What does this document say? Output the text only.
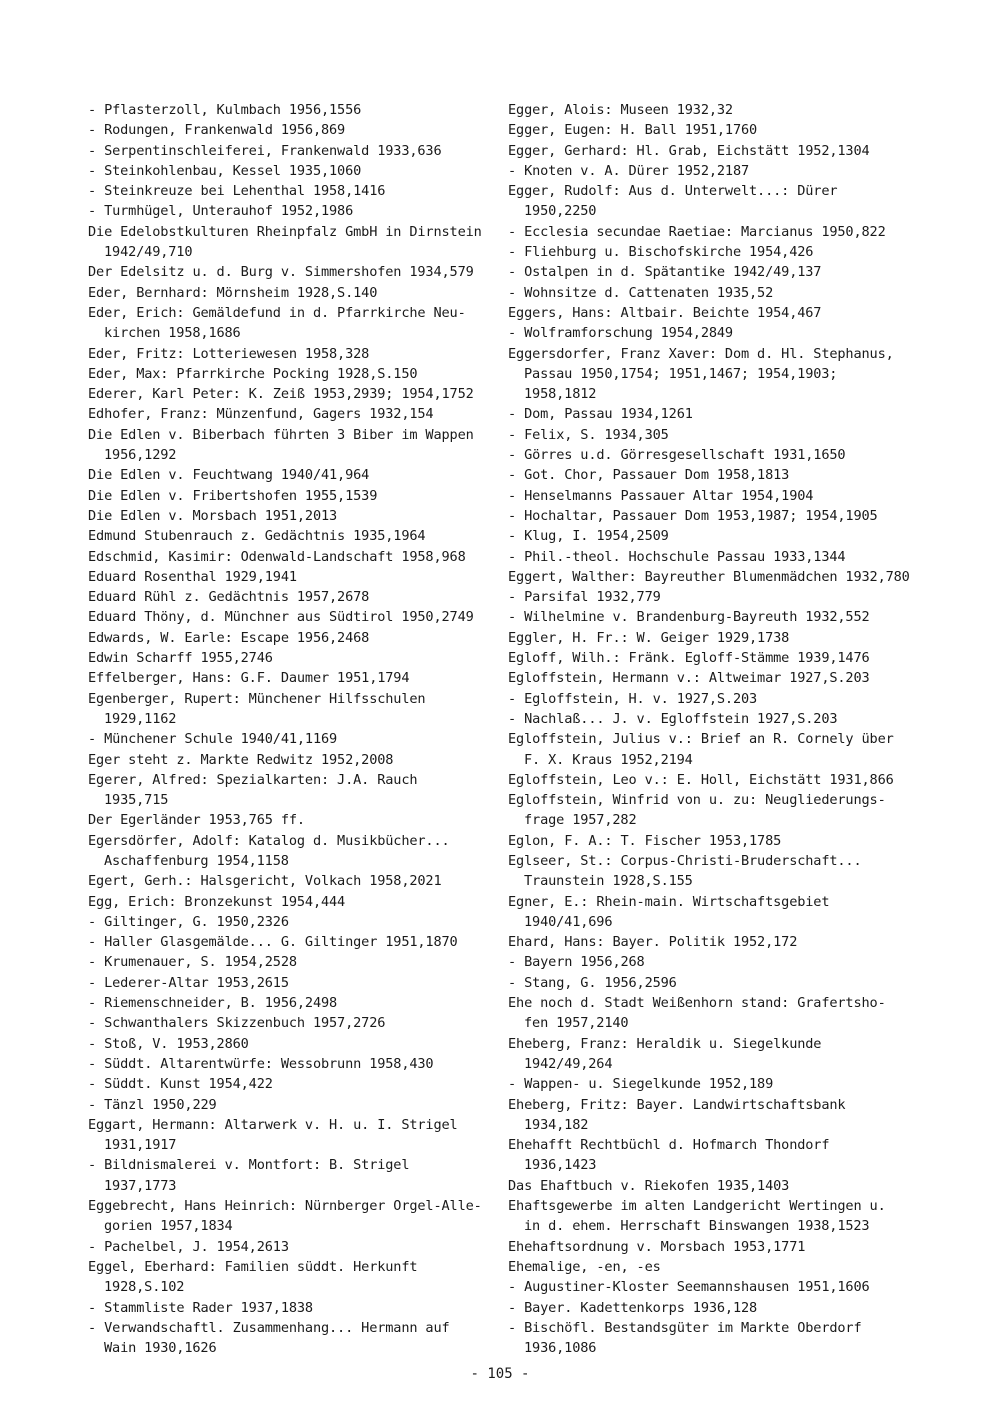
- Pflasterzoll, Kulmbach 1956,1556
- Rodungen, Frankenwald 1956,869
- Serpentinschleiferei, Frankenwald 1933,636
- Steinkohlenbau, Kessel 1935,1060
- Steinkreuze bei Lehenthal 1958,1416
- Turmhügel, Unterauhof 1952,1986
Die Edelobstkulturen Rheinpfalz GmbH in Dirnstein
1942/49,710
Der Edelsitz u. d. Burg v. Simmershofen 1934,579
Eder, Bernhard: Mörnsheim 1928,S.140
Eder, Erich: Gemäldefund in d. Pfarrkirche Neu-
kirchen 1958,1686
Eder, Fritz: Lotteriewesen 1958,328
Eder, Max: Pfarrkirche Pocking 1928,S.150
Ederer, Karl Peter: K. Zeiß 1953,2939; 1954,1752
Edhofer, Franz: Münzenfund, Gagers 1932,154
Die Edlen v. Biberbach führten 3 Biber im Wappen
1956,1292
Die Edlen v. Feuchtwang 1940/41,964
Die Edlen v. Fribertshofen 1955,1539
Die Edlen v. Morsbach 1951,2013
Edmund Stubenrauch z. Gedächtnis 1935,1964
Edschmid, Kasimir: Odenwald-Landschaft 1958,968
Eduard Rosenthal 1929,1941
Eduard Rühl z. Gedächtnis 1957,2678
Eduard Thöny, d. Münchner aus Südtirol 1950,2749
Edwards, W. Earle: Escape 1956,2468
Edwin Scharff 1955,2746
Effelberger, Hans: G.F. Daumer 1951,1794
Egenberger, Rupert: Münchener Hilfsschulen
1929,1162
- Münchener Schule 1940/41,1169
Eger steht z. Markte Redwitz 1952,2008
Egerer, Alfred: Spezialkarten: J.A. Rauch
1935,715
Der Egerländer 1953,765 ff.
Egersdörfer, Adolf: Katalog d. Musikbücher...
Aschaffenburg 1954,1158
Egert, Gerh.: Halsgericht, Volkach 1958,2021
Egg, Erich: Bronzekunst 1954,444
- Giltinger, G. 1950,2326
- Haller Glasgemälde... G. Giltinger 1951,1870
- Krumenauer, S. 1954,2528
- Lederer-Altar 1953,2615
- Riemenschneider, B. 1956,2498
- Schwanthalers Skizzenbuch 1957,2726
- Stoß, V. 1953,2860
- Süddt. Altarentwürfe: Wessobrunn 1958,430
- Süddt. Kunst 1954,422
- Tänzl 1950,229
Eggart, Hermann: Altarwerk v. H. u. I. Strigel
1931,1917
- Bildnismalerei v. Montfort: B. Strigel
1937,1773
Eggebrecht, Hans Heinrich: Nürnberger Orgel-Alle-
gorien 1957,1834
- Pachelbel, J. 1954,2613
Eggel, Eberhard: Familien süddt. Herkunft
1928,S.102
- Stammliste Rader 1937,1838
- Verwandschaftl. Zusammenhang... Hermann auf
Wain 1930,1626
Egger, Alois: Museen 1932,32
Egger, Eugen: H. Ball 1951,1760
Egger, Gerhard: Hl. Grab, Eichstätt 1952,1304
- Knoten v. A. Dürer 1952,2187
Egger, Rudolf: Aus d. Unterwelt...: Dürer
1950,2250
- Ecclesia secundae Raetiae: Marcianus 1950,822
- Fliehburg u. Bischofskirche 1954,426
- Ostalpen in d. Spätantike 1942/49,137
- Wohnsitze d. Cattenaten 1935,52
Eggers, Hans: Altbair. Beichte 1954,467
- Wolframforschung 1954,2849
Eggersdorfer, Franz Xaver: Dom d. Hl. Stephanus,
Passau 1950,1754; 1951,1467; 1954,1903;
1958,1812
- Dom, Passau 1934,1261
- Felix, S. 1934,305
- Görres u.d. Görresgesellschaft 1931,1650
- Got. Chor, Passauer Dom 1958,1813
- Henselmanns Passauer Altar 1954,1904
- Hochaltar, Passauer Dom 1953,1987; 1954,1905
- Klug, I. 1954,2509
- Phil.-theol. Hochschule Passau 1933,1344
Eggert, Walther: Bayreuther Blumenmädchen 1932,780
- Parsifal 1932,779
- Wilhelmine v. Brandenburg-Bayreuth 1932,552
Eggler, H. Fr.: W. Geiger 1929,1738
Egloff, Wilh.: Fränk. Egloff-Stämme 1939,1476
Egloffstein, Hermann v.: Altweimar 1927,S.203
- Egloffstein, H. v. 1927,S.203
- Nachlaß... J. v. Egloffstein 1927,S.203
Egloffstein, Julius v.: Brief an R. Cornely über
F. X. Kraus 1952,2194
Egloffstein, Leo v.: E. Holl, Eichstätt 1931,866
Egloffstein, Winfrid von u. zu: Neugliederungs-
frage 1957,282
Eglon, F. A.: T. Fischer 1953,1785
Eglseer, St.: Corpus-Christi-Bruderschaft...
Traunstein 1928,S.155
Egner, E.: Rhein-main. Wirtschaftsgebiet
1940/41,696
Ehard, Hans: Bayer. Politik 1952,172
- Bayern 1956,268
- Stang, G. 1956,2596
Ehe noch d. Stadt Weißenhorn stand: Grafertsho-
fen 1957,2140
Eheberg, Franz: Heraldik u. Siegelkunde
1942/49,264
- Wappen- u. Siegelkunde 1952,189
Eheberg, Fritz: Bayer. Landwirtschaftsbank
1934,182
Ehehafft Rechtbüchl d. Hofmarch Thondorf
1936,1423
Das Ehaftbuch v. Riekofen 1935,1403
Ehaftsgewerbe im alten Landgericht Wertingen u.
in d. ehem. Herrschaft Binswangen 1938,1523
Ehehaftsordnung v. Morsbach 1953,1771
Ehemalige, -en, -es
- Augustiner-Kloster Seemannshausen 1951,1606
- Bayer. Kadettenkorps 1936,128
- Bischöfl. Bestandsgüter im Markte Oberdorf
1936,1086
- 105 -
